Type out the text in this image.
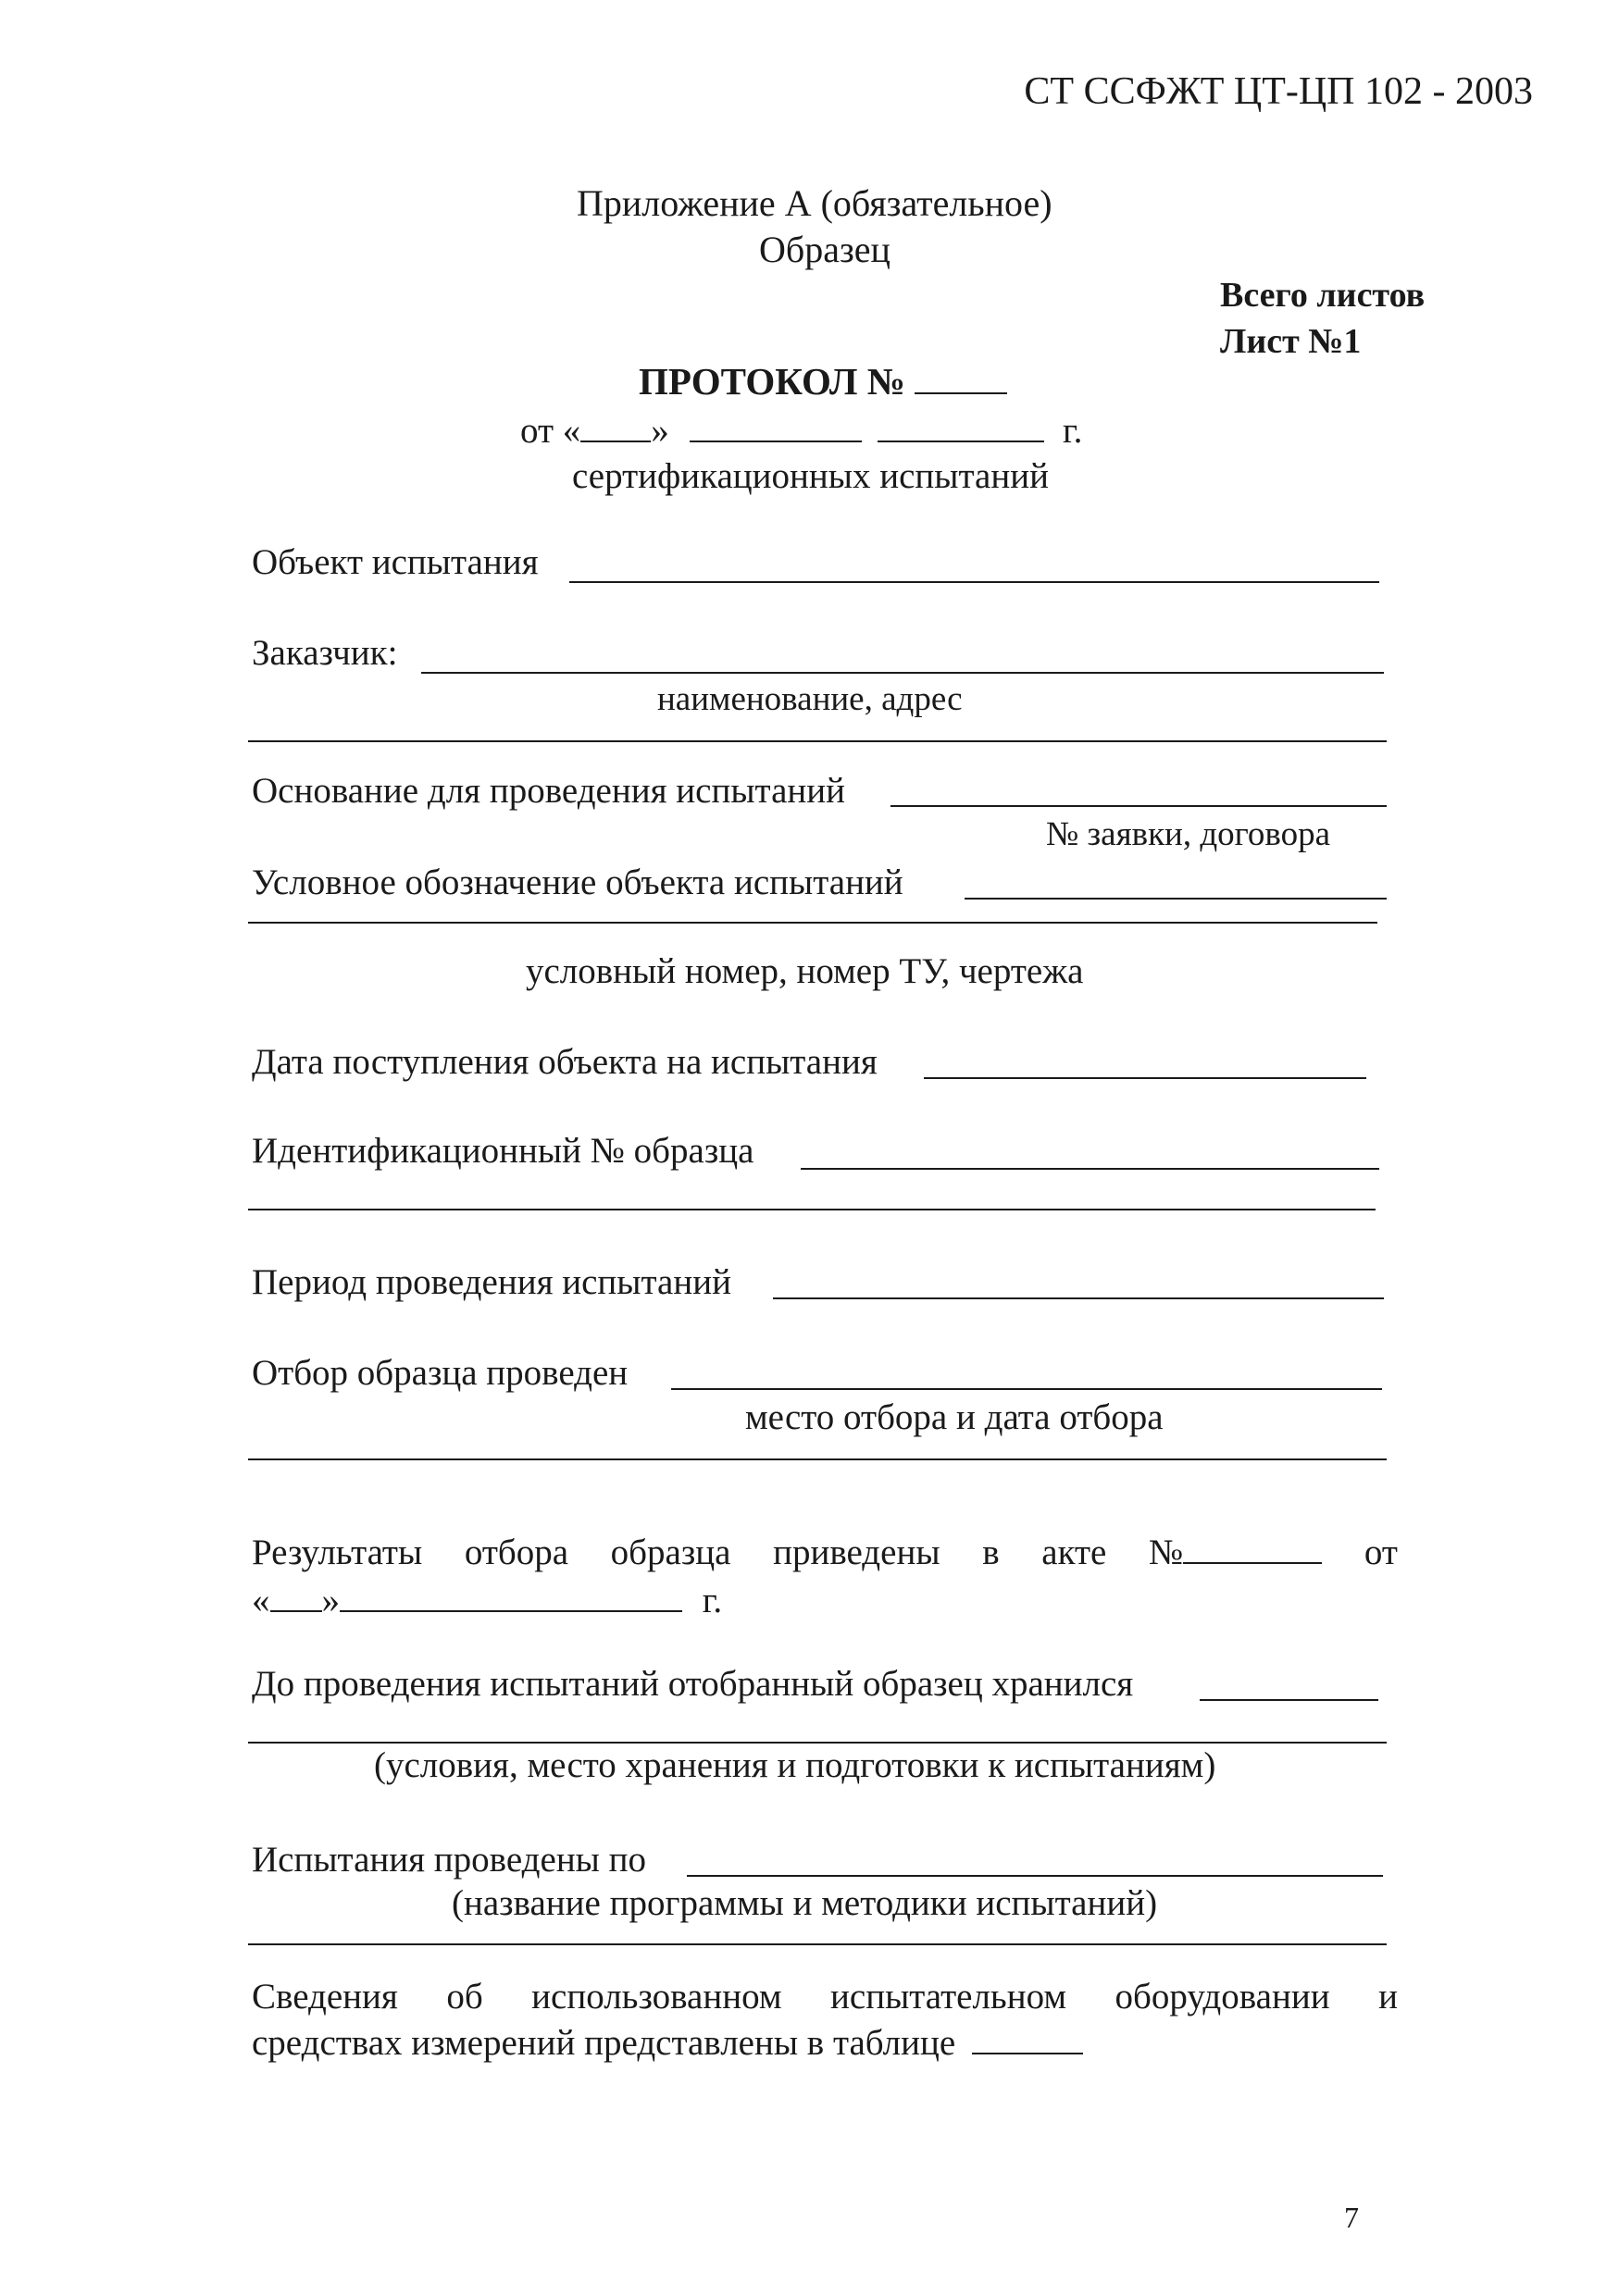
СТ ССФЖТ ЦТ-ЦП 102 - 2003
Приложение А (обязательное)
Образец
Всего листов
Лист №1
ПРОТОКОЛ №
от « »	г.
сертификационных испытаний
Объект испытания
Заказчик:
наименование, адрес
Основание для проведения испытаний
№ заявки, договора
Условное обозначение объекта испытаний
условный номер, номер ТУ, чертежа
Дата поступления объекта на испытания
Идентификационный № образца
Период проведения испытаний
Отбор образца проведен
место отбора и дата отбора
Результаты отбора образца приведены в акте №	от
« »	г.
До проведения испытаний отобранный образец хранился
(условия, место хранения и подготовки к испытаниям)
Испытания проведены по
(название программы и методики испытаний)
Сведения об использованном испытательном оборудовании и
средствах измерений представлены в таблице
7
